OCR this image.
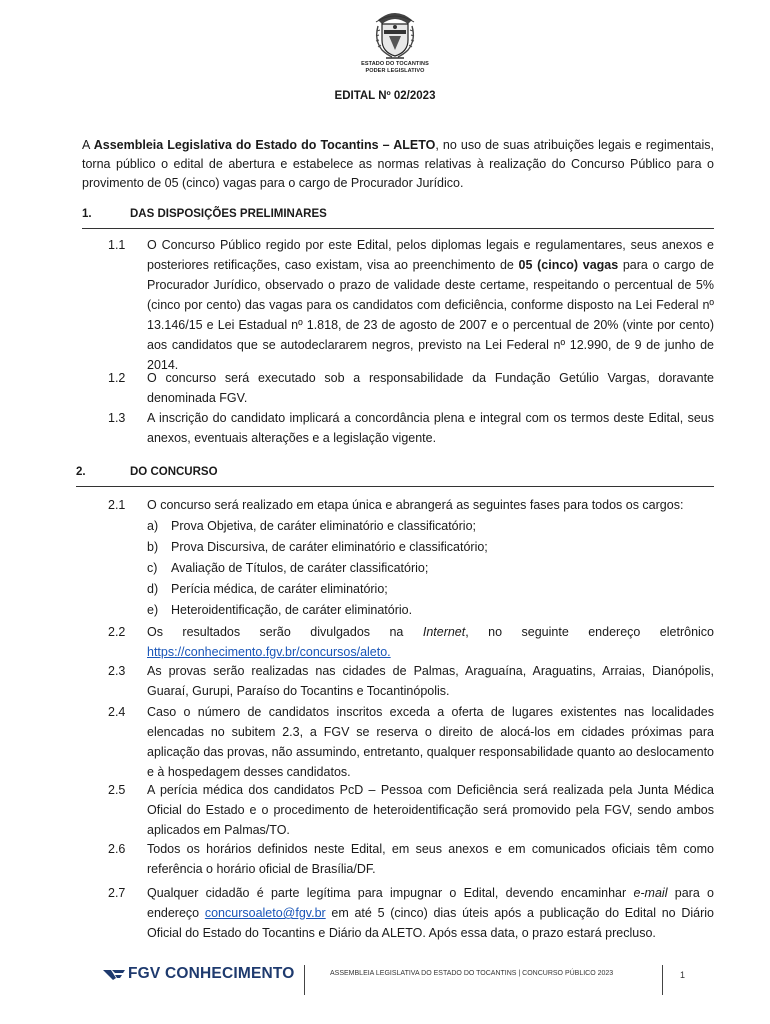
ESTADO DO TOCANTINS
PODER LEGISLATIVO
EDITAL Nº 02/2023
A Assembleia Legislativa do Estado do Tocantins – ALETO, no uso de suas atribuições legais e regimentais, torna público o edital de abertura e estabelece as normas relativas à realização do Concurso Público para o provimento de 05 (cinco) vagas para o cargo de Procurador Jurídico.
1.	DAS DISPOSIÇÕES PRELIMINARES
1.1 O Concurso Público regido por este Edital, pelos diplomas legais e regulamentares, seus anexos e posteriores retificações, caso existam, visa ao preenchimento de 05 (cinco) vagas para o cargo de Procurador Jurídico, observado o prazo de validade deste certame, respeitando o percentual de 5% (cinco por cento) das vagas para os candidatos com deficiência, conforme disposto na Lei Federal nº 13.146/15 e Lei Estadual nº 1.818, de 23 de agosto de 2007 e o percentual de 20% (vinte por cento) aos candidatos que se autodeclararem negros, previsto na Lei Federal nº 12.990, de 9 de junho de 2014.
1.2 O concurso será executado sob a responsabilidade da Fundação Getúlio Vargas, doravante denominada FGV.
1.3 A inscrição do candidato implicará a concordância plena e integral com os termos deste Edital, seus anexos, eventuais alterações e a legislação vigente.
2.	DO CONCURSO
2.1 O concurso será realizado em etapa única e abrangerá as seguintes fases para todos os cargos:
a) Prova Objetiva, de caráter eliminatório e classificatório;
b) Prova Discursiva, de caráter eliminatório e classificatório;
c) Avaliação de Títulos, de caráter classificatório;
d) Perícia médica, de caráter eliminatório;
e) Heteroidentificação, de caráter eliminatório.
2.2 Os resultados serão divulgados na Internet, no seguinte endereço eletrônico
https://conhecimento.fgv.br/concursos/aleto.
2.3 As provas serão realizadas nas cidades de Palmas, Araguaína, Araguatins, Arraias, Dianópolis, Guaraí, Gurupi, Paraíso do Tocantins e Tocantinópolis.
2.4 Caso o número de candidatos inscritos exceda a oferta de lugares existentes nas localidades elencadas no subitem 2.3, a FGV se reserva o direito de alocá-los em cidades próximas para aplicação das provas, não assumindo, entretanto, qualquer responsabilidade quanto ao deslocamento e à hospedagem desses candidatos.
2.5 A perícia médica dos candidatos PcD – Pessoa com Deficiência será realizada pela Junta Médica Oficial do Estado e o procedimento de heteroidentificação será promovido pela FGV, sendo ambos aplicados em Palmas/TO.
2.6 Todos os horários definidos neste Edital, em seus anexos e em comunicados oficiais têm como referência o horário oficial de Brasília/DF.
2.7 Qualquer cidadão é parte legítima para impugnar o Edital, devendo encaminhar e-mail para o endereço concursoaleto@fgv.br em até 5 (cinco) dias úteis após a publicação do Edital no Diário Oficial do Estado do Tocantins e Diário da ALETO. Após essa data, o prazo estará precluso.
FGV CONHECIMENTO	ASSEMBLEIA LEGISLATIVA DO ESTADO DO TOCANTINS | CONCURSO PÚBLICO 2023	1
